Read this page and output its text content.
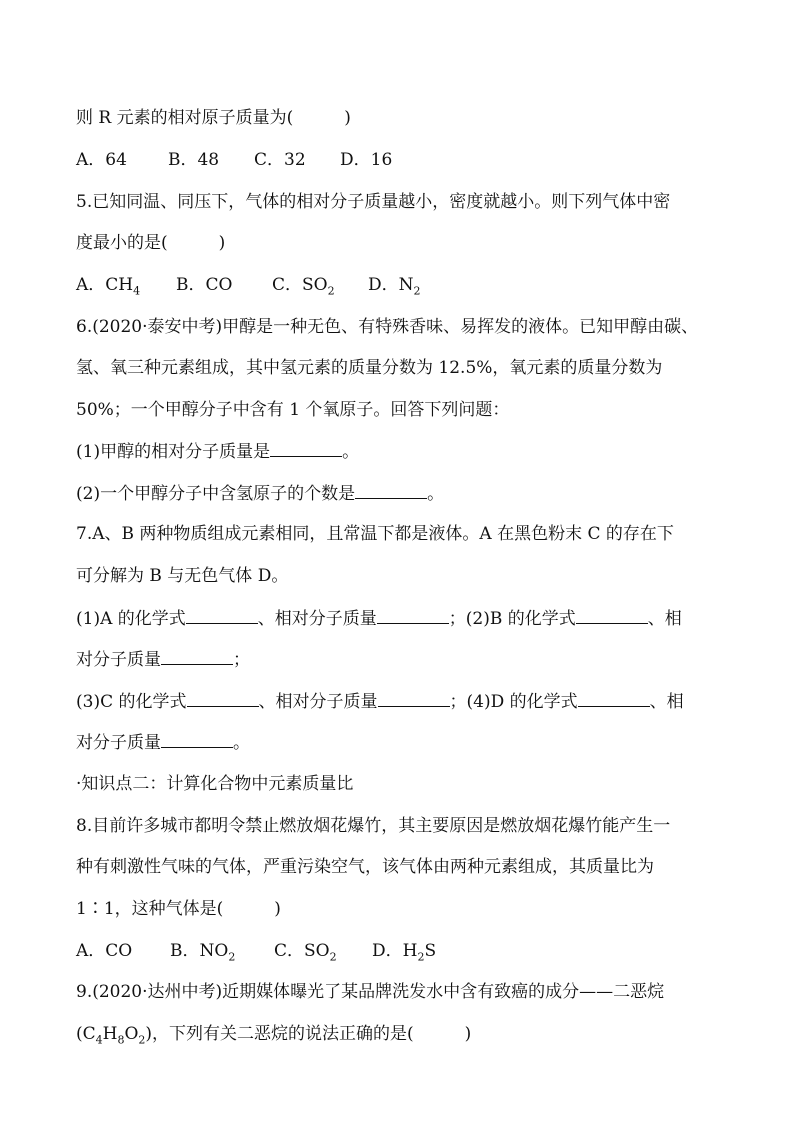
则 R 元素的相对原子质量为(　　　)
A．64 B．48 C．32 D．16
5.已知同温、同压下，气体的相对分子质量越小，密度就越小。则下列气体中密
度最小的是(　　　)
A．$CH_4$ B．CO C．$SO_2$ D．$N_2$
6.(2020·泰安中考)甲醇是一种无色、有特殊香味、易挥发的液体。已知甲醇由碳、
氢、氧三种元素组成，其中氢元素的质量分数为 12.5%，氧元素的质量分数为
50%；一个甲醇分子中含有 1 个氧原子。回答下列问题：
(1)甲醇的相对分子质量是	。
(2)一个甲醇分子中含氢原子的个数是	。
7.A、B 两种物质组成元素相同，且常温下都是液体。A 在黑色粉末 C 的存在下
可分解为 B 与无色气体 D。
(1)A 的化学式	、相对分子质量	；(2)B 的化学式	、相
对分子质量	；
(3)C 的化学式	、相对分子质量	；(4)D 的化学式	、相
对分子质量	。
·知识点二：计算化合物中元素质量比
8.目前许多城市都明令禁止燃放烟花爆竹，其主要原因是燃放烟花爆竹能产生一
种有刺激性气味的气体，严重污染空气，该气体由两种元素组成，其质量比为
1∶1，这种气体是(　　　)
A．CO B．$NO_2$ C．$SO_2$ D．$H_2S$
9.(2020·达州中考)近期媒体曝光了某品牌洗发水中含有致癌的成分——二恶烷
$(C_4H_8O_2)$，下列有关二恶烷的说法正确的是(　　　)
